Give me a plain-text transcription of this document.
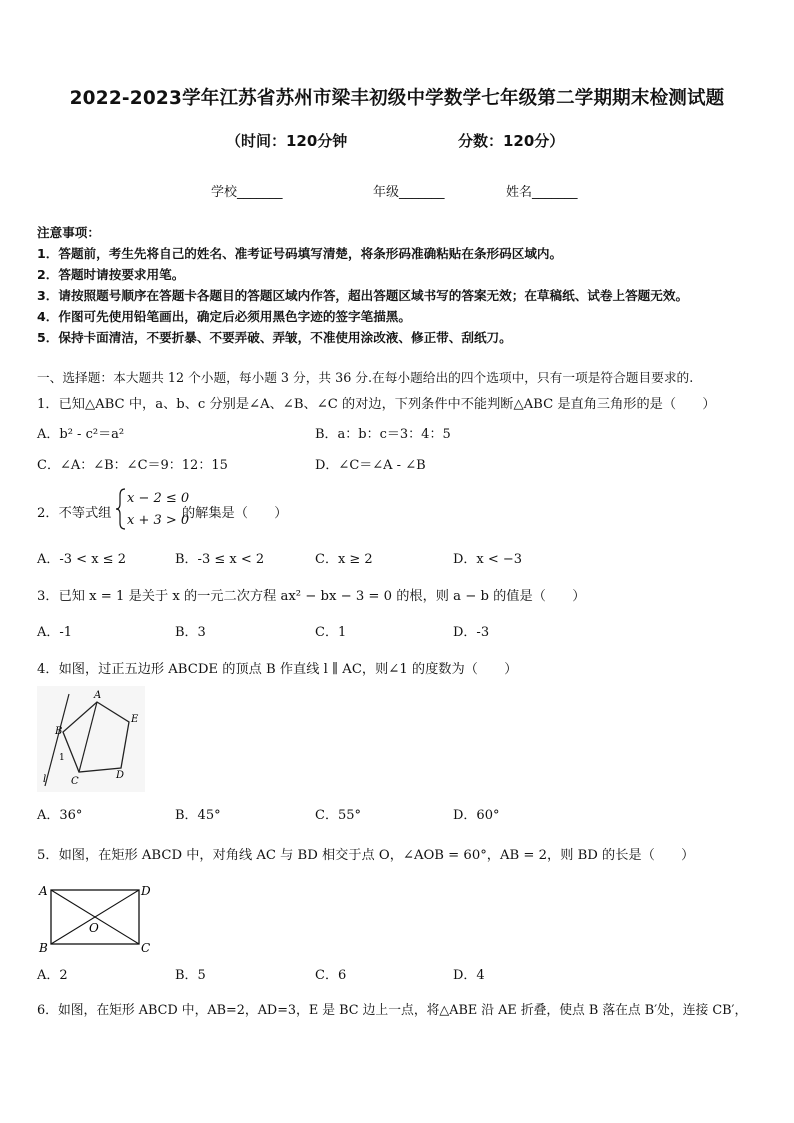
2022-2023学年江苏省苏州市梁丰初级中学数学七年级第二学期期末检测试题
（时间：120分钟	分数：120分）
学校_______	年级_______	姓名_______
注意事项：
1．答题前，考生先将自己的姓名、准考证号码填写清楚，将条形码准确粘贴在条形码区域内。
2．答题时请按要求用笔。
3．请按照题号顺序在答题卡各题目的答题区域内作答，超出答题区域书写的答案无效；在草稿纸、试卷上答题无效。
4．作图可先使用铅笔画出，确定后必须用黑色字迹的签字笔描黑。
5．保持卡面清洁，不要折暴、不要弄破、弄皱，不准使用涂改液、修正带、刮纸刀。
一、选择题：本大题共 12 个小题，每小题 3 分，共 36 分.在每小题给出的四个选项中，只有一项是符合题目要求的.
1．已知△ABC 中，a、b、c 分别是∠A、∠B、∠C 的对边，下列条件中不能判断△ABC 是直角三角形的是（　　）
A．b² - c²＝a²	B．a：b：c＝3：4：5
C．∠A：∠B：∠C＝9：12：15	D．∠C＝∠A - ∠B
2．不等式组
x − 2 ≤ 0
x + 3 > 0
的解集是（　　）
A．-3 < x ≤ 2	B．-3 ≤ x < 2	C．x ≥ 2	D．x < −3
3．已知 x = 1 是关于 x 的一元二次方程 ax² − bx − 3 = 0 的根，则 a − b 的值是（　　）
A．-1	B．3	C．1	D．-3
4．如图，过正五边形 ABCDE 的顶点 B 作直线 l ∥ AC，则∠1 的度数为（　　）
A
B
C
D
E
1
l
A．36°	B．45°	C．55°	D．60°
5．如图，在矩形 ABCD 中，对角线 AC 与 BD 相交于点 O，∠AOB = 60°，AB = 2，则 BD 的长是（　　）
A	D
B	C
O
A．2	B．5	C．6	D．4
6．如图，在矩形 ABCD 中，AB=2，AD=3，E 是 BC 边上一点，将△ABE 沿 AE 折叠，使点 B 落在点 B′处，连接 CB′，
